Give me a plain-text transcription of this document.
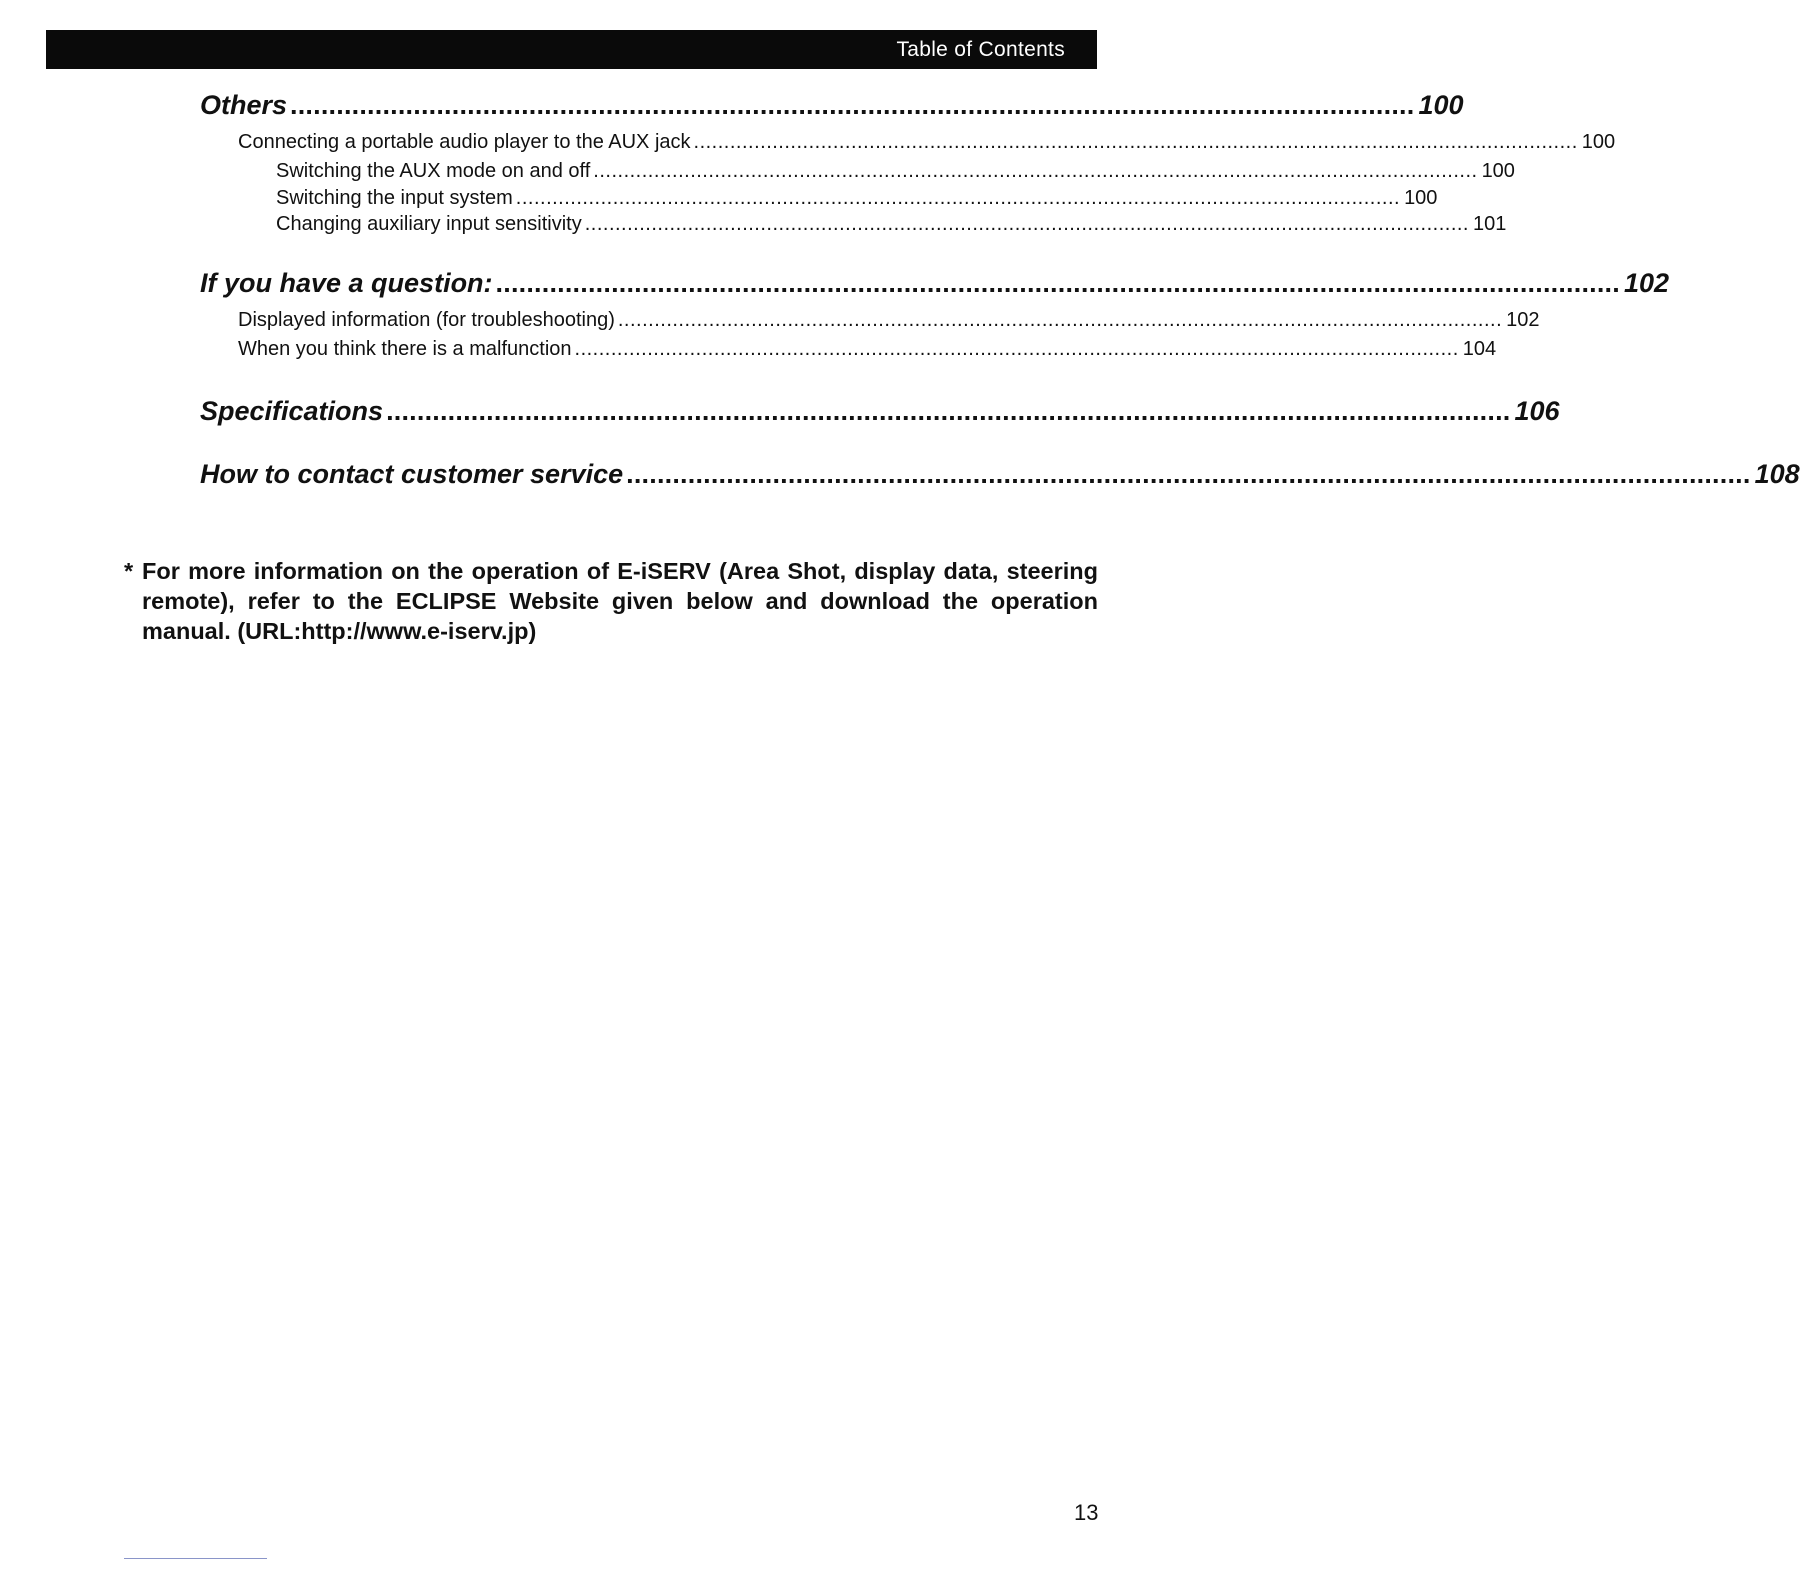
Table of Contents
Others .................................................................................................................................................. 100
Connecting a portable audio player to the AUX jack .................................................................................................................................................. 100
Switching the AUX mode on and off .................................................................................................................................................. 100
Switching the input system .................................................................................................................................................. 100
Changing auxiliary input sensitivity .................................................................................................................................................. 101
If you have a question: .................................................................................................................................................. 102
Displayed information (for troubleshooting) .................................................................................................................................................. 102
When you think there is a malfunction .................................................................................................................................................. 104
Specifications .................................................................................................................................................. 106
How to contact customer service .................................................................................................................................................. 108
* For more information on the operation of E-iSERV (Area Shot, display data, steering remote), refer to the ECLIPSE Website given below and download the operation manual. (URL:http://www.e-iserv.jp)
13
